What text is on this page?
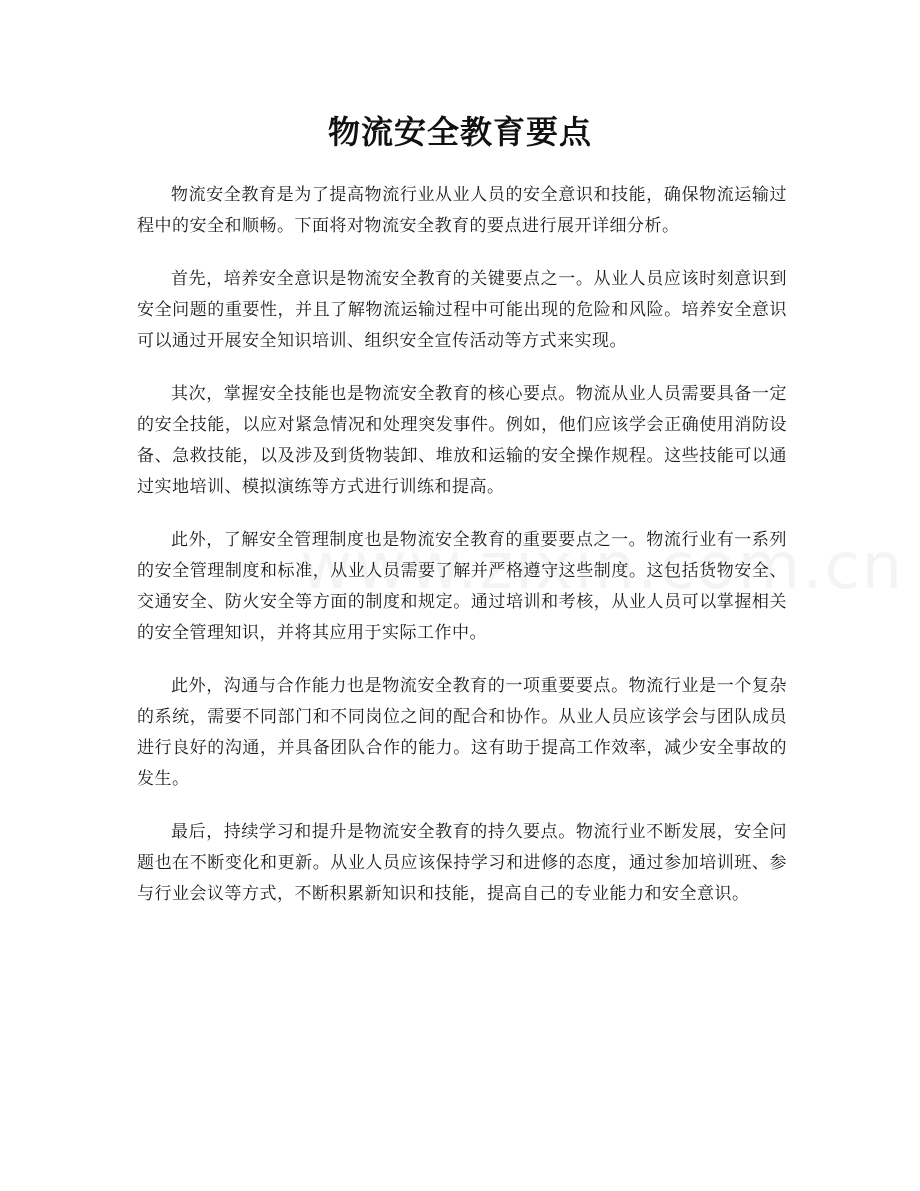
物流安全教育要点

物流安全教育是为了提高物流行业从业人员的安全意识和技能，确保物流运输过程中的安全和顺畅。下面将对物流安全教育的要点进行展开详细分析。

首先，培养安全意识是物流安全教育的关键要点之一。从业人员应该时刻意识到安全问题的重要性，并且了解物流运输过程中可能出现的危险和风险。培养安全意识可以通过开展安全知识培训、组织安全宣传活动等方式来实现。

其次，掌握安全技能也是物流安全教育的核心要点。物流从业人员需要具备一定的安全技能，以应对紧急情况和处理突发事件。例如，他们应该学会正确使用消防设备、急救技能，以及涉及到货物装卸、堆放和运输的安全操作规程。这些技能可以通过实地培训、模拟演练等方式进行训练和提高。

此外，了解安全管理制度也是物流安全教育的重要要点之一。物流行业有一系列的安全管理制度和标准，从业人员需要了解并严格遵守这些制度。这包括货物安全、交通安全、防火安全等方面的制度和规定。通过培训和考核，从业人员可以掌握相关的安全管理知识，并将其应用于实际工作中。

此外，沟通与合作能力也是物流安全教育的一项重要要点。物流行业是一个复杂的系统，需要不同部门和不同岗位之间的配合和协作。从业人员应该学会与团队成员进行良好的沟通，并具备团队合作的能力。这有助于提高工作效率，减少安全事故的发生。

最后，持续学习和提升是物流安全教育的持久要点。物流行业不断发展，安全问题也在不断变化和更新。从业人员应该保持学习和进修的态度，通过参加培训班、参与行业会议等方式，不断积累新知识和技能，提高自己的专业能力和安全意识。
